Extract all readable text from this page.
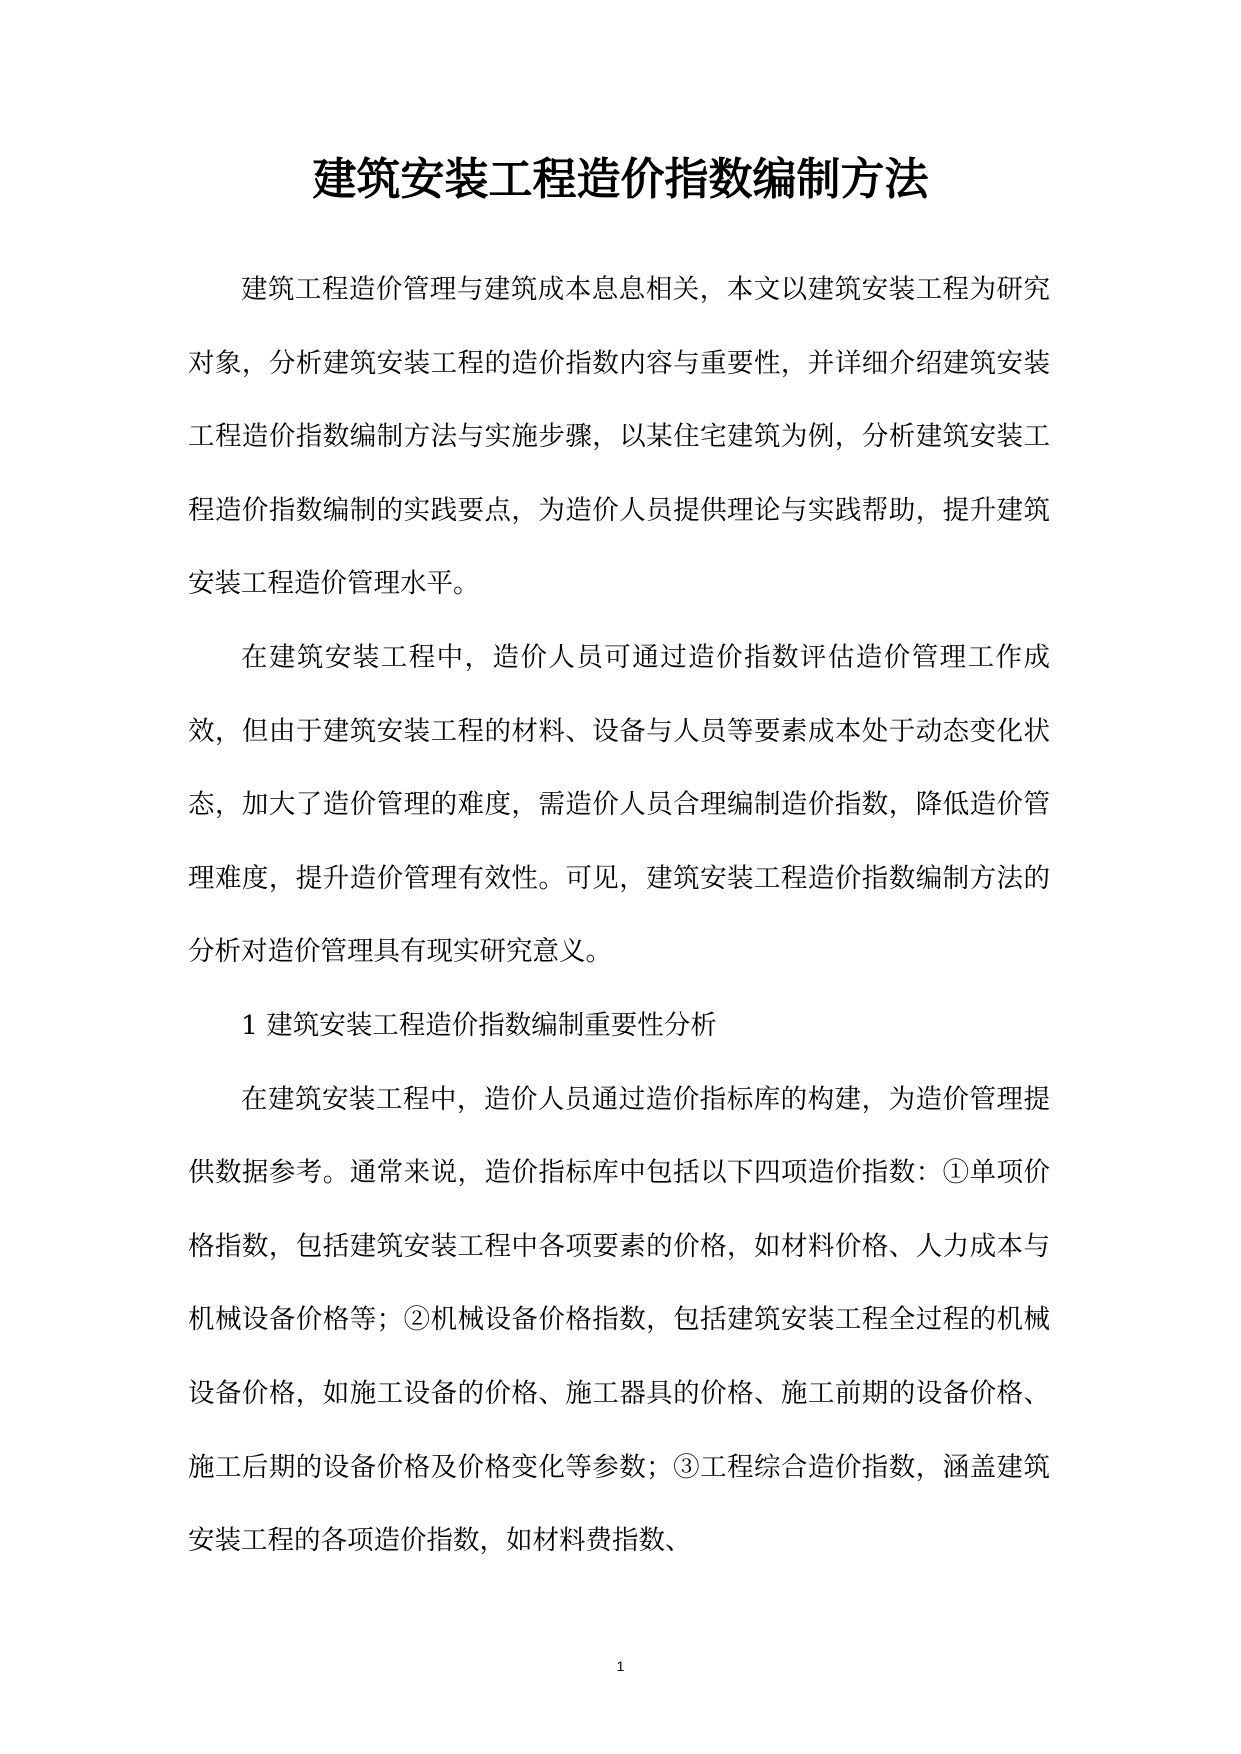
建筑安装工程造价指数编制方法

建筑工程造价管理与建筑成本息息相关，本文以建筑安装工程为研究对象，分析建筑安装工程的造价指数内容与重要性，并详细介绍建筑安装工程造价指数编制方法与实施步骤，以某住宅建筑为例，分析建筑安装工程造价指数编制的实践要点，为造价人员提供理论与实践帮助，提升建筑安装工程造价管理水平。

在建筑安装工程中，造价人员可通过造价指数评估造价管理工作成效，但由于建筑安装工程的材料、设备与人员等要素成本处于动态变化状态，加大了造价管理的难度，需造价人员合理编制造价指数，降低造价管理难度，提升造价管理有效性。可见，建筑安装工程造价指数编制方法的分析对造价管理具有现实研究意义。

1 建筑安装工程造价指数编制重要性分析

在建筑安装工程中，造价人员通过造价指标库的构建，为造价管理提供数据参考。通常来说，造价指标库中包括以下四项造价指数：①单项价格指数，包括建筑安装工程中各项要素的价格，如材料价格、人力成本与机械设备价格等；②机械设备价格指数，包括建筑安装工程全过程的机械设备价格，如施工设备的价格、施工器具的价格、施工前期的设备价格、施工后期的设备价格及价格变化等参数；③工程综合造价指数，涵盖建筑安装工程的各项造价指数，如材料费指数、

1
